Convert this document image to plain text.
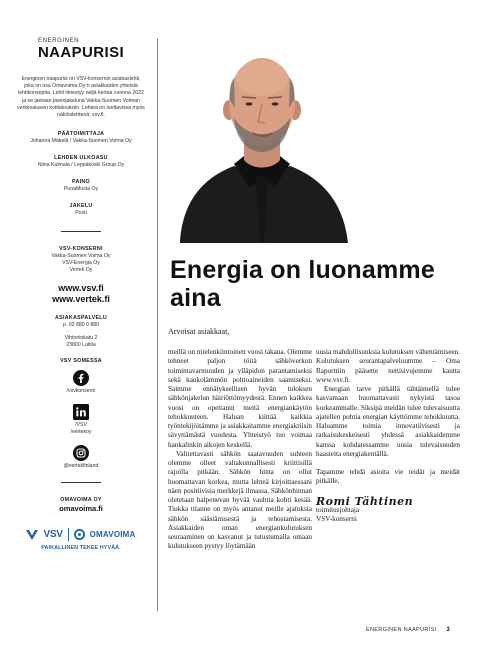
ENERGINEN
NAAPURISI

Energinen naapurisi on VSV-konsernin asiakaslehti, joka on osa Omavoima Oy:n asiakkaiden yhteistä lehtikonseptia. Lehti ilmestyy neljä kertaa vuonna 2022 ja se jaetaan jäsenjakeluna Vakka-Suomen Voiman verkkoalueen kotitalouksiin. Lehteä on luettavissa myös näköislehtenä: vsv.fi.

PÄÄTOIMITTAJA
Johanna Mäkelä / Vakka-Suomen Voima Oy
LEHDEN ULKOASU
Niina Kulmala / Leppäkoski Group Oy
PAINO
PunaMusta Oy
JAKELU
Posti
VSV-KONSERNI
Vakka-Suomen Voima Oy
VSV-Energia Oy
Vertek Oy
www.vsv.fi
www.vertek.fi
ASIAKASPALVELU
p. 02 880 0 880
Vihtoriinkatu 2
23800 Laitila
VSV SOMESSA
/vsvkonserni
/VSV
/vertekoy
@vertekfinland
OMAVOIMA OY
omavoima.fi
VSV	OMAVOIMA
PAIKALLINEN TEKEE HYVÄÄ.
Energia on luonamme aina
Arvoisat asiakkaat,

meillä on mielenkiintoinen vuosi takana. Olemme tehneet paljon töitä sähköverkon toimintavarmuuden ja ylläpidon parantamiseksi sekä kaukolämmön polttoaineiden saamiseksi. Saimme ennätyksellisen hyvän tuloksen sähkönjakelun häiriöttömyydestä. Ennen kaikkea vuosi on opettanut meitä energiankäytön tehokkuuteen. Haluan kiittää kaikkia työntekijöitämme ja asiakkaitamme energiakriisin sävyttämästä vuodesta. Yhteistyö tuo voimaa hankalinkin aikojen keskellä.

Valitettavasti sähkön saatavuuden suhteen olemme olleet valtakunnallisesti kriittisillä rajoilla pitkään. Sähkön hinta on ollut huomattavan korkea, mutta lehteä kirjoittaessani näen positiivisia merkkejä ilmassa. Sähkönhinnan oletetaan halpenevan hyvää vauhtia kohti kesää. Tiukka tilanne on myös antanut meille ajatuksia sähkön säästämisestä ja tehostamisesta. Asiakkaiden oman energiankulutuksen seuraaminen on kasvanut ja tutustumalla omaan kulutukseen pystyy löytämään

uusia mahdollisuuksia kulutuksen vähentämiseen. Kulutuksen seurantapalveluumme – Oma Raporttiin pääsette nettisivujemme kautta www.vsv.fi.

Energian tarve pitkällä tähtäimellä tulee kasvamaan huomattavasti nykyistä tasoa korkeammalle. Siksipä meidän tulee tulevaisuutta ajatellen pohtia energian käyttömme tehokkuutta. Haluamme toimia innovatiivisesti ja ratkaisukeskeisesti yhdessä asiakkaidemme kanssa kohdatessamme uusia tulevaisuuden haasteita energiakentällä.

Tapamme tehdä asioita vie teidät ja meidät pitkälle,

Romi Tähtinen
toimitusjohtaja
VSV-konserni
ENERGINEN NAAPURISI 3
